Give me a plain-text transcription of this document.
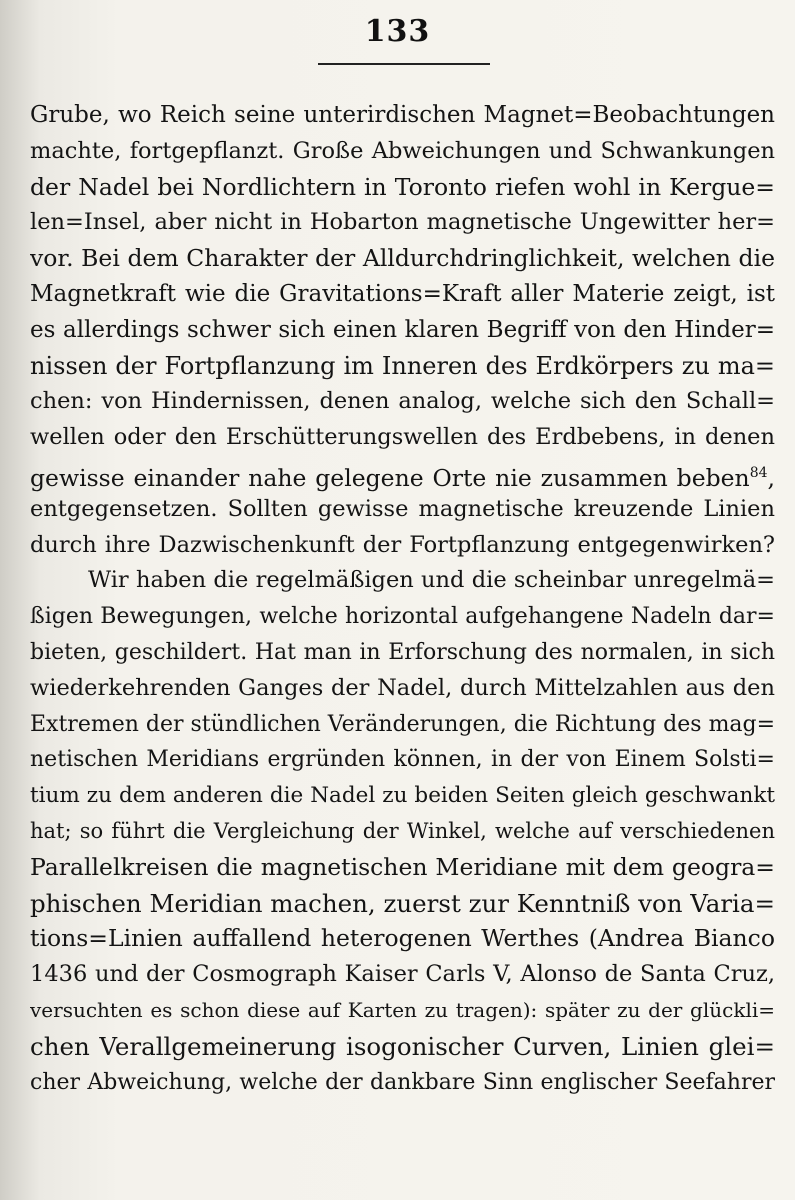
133
Grube, wo Reich seine unterirdischen Magnet=Beobachtungen
machte, fortgepflanzt. Große Abweichungen und Schwankungen
der Nadel bei Nordlichtern in Toronto riefen wohl in Kergue=
len=Insel, aber nicht in Hobarton magnetische Ungewitter her=
vor. Bei dem Charakter der Alldurchdringlichkeit, welchen die
Magnetkraft wie die Gravitations=Kraft aller Materie zeigt, ist
es allerdings schwer sich einen klaren Begriff von den Hinder=
nissen der Fortpflanzung im Inneren des Erdkörpers zu ma=
chen: von Hindernissen, denen analog, welche sich den Schall=
wellen oder den Erschütterungswellen des Erdbebens, in denen
gewisse einander nahe gelegene Orte nie zusammen beben$^{84}$,
entgegensetzen. Sollten gewisse magnetische kreuzende Linien
durch ihre Dazwischenkunft der Fortpflanzung entgegenwirken?
Wir haben die regelmäßigen und die scheinbar unregelmä=
ßigen Bewegungen, welche horizontal aufgehangene Nadeln dar=
bieten, geschildert. Hat man in Erforschung des normalen, in sich
wiederkehrenden Ganges der Nadel, durch Mittelzahlen aus den
Extremen der stündlichen Veränderungen, die Richtung des mag=
netischen Meridians ergründen können, in der von Einem Solsti=
tium zu dem anderen die Nadel zu beiden Seiten gleich geschwankt
hat; so führt die Vergleichung der Winkel, welche auf verschiedenen
Parallelkreisen die magnetischen Meridiane mit dem geogra=
phischen Meridian machen, zuerst zur Kenntniß von Varia=
tions=Linien auffallend heterogenen Werthes (Andrea Bianco
1436 und der Cosmograph Kaiser Carls V, Alonso de Santa Cruz,
versuchten es schon diese auf Karten zu tragen): später zu der glückli=
chen Verallgemeinerung isogonischer Curven, Linien glei=
cher Abweichung, welche der dankbare Sinn englischer Seefahrer
